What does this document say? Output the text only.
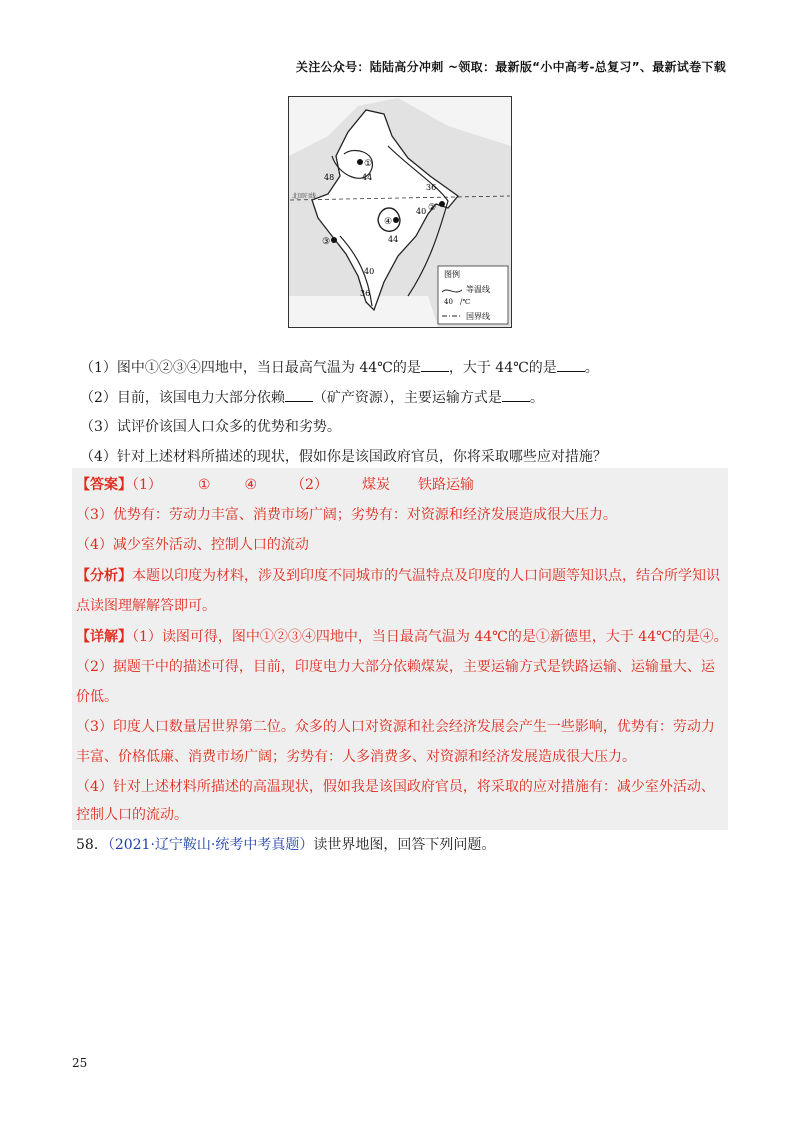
关注公众号：陆陆高分冲刺 ~领取：最新版“小中高考-总复习”、最新试卷下载
北回归线
48	44
36
40
44
40
36
①
②
③
④
图例
等温线
40 /℃
国界线
（1）图中①②③④四地中，当日最高气温为 44℃的是 ，大于 44℃的是 。
（2）目前，该国电力大部分依赖 （矿产资源），主要运输方式是 。
（3）试评价该国人口众多的优势和劣势。
（4）针对上述材料所描述的现状，假如你是该国政府官员，你将采取哪些应对措施？
【答案】（1）	① ④ （2） 煤炭 铁路运输
（3）优势有：劳动力丰富、消费市场广阔；劣势有：对资源和经济发展造成很大压力。
（4）减少室外活动、控制人口的流动
【分析】本题以印度为材料，涉及到印度不同城市的气温特点及印度的人口问题等知识点，结合所学知识
点读图理解解答即可。
【详解】（1）读图可得，图中①②③④四地中，当日最高气温为 44℃的是①新德里，大于 44℃的是④。
（2）据题干中的描述可得，目前，印度电力大部分依赖煤炭，主要运输方式是铁路运输、运输量大、运
价低。
（3）印度人口数量居世界第二位。众多的人口对资源和社会经济发展会产生一些影响，优势有：劳动力
丰富、价格低廉、消费市场广阔；劣势有：人多消费多、对资源和经济发展造成很大压力。
（4）针对上述材料所描述的高温现状，假如我是该国政府官员，将采取的应对措施有：减少室外活动、
控制人口的流动。
58．（2021·辽宁鞍山·统考中考真题）读世界地图，回答下列问题。
25
